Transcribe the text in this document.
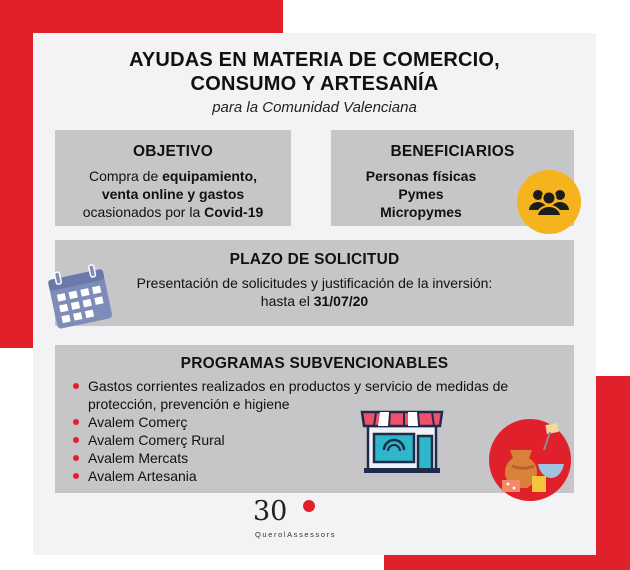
AYUDAS EN MATERIA DE COMERCIO,
CONSUMO Y ARTESANÍA
para la Comunidad Valenciana
OBJETIVO
Compra de equipamiento,
venta online y gastos
ocasionados por la Covid-19
BENEFICIARIOS
Personas físicas
Pymes
Micropymes
PLAZO DE SOLICITUD
Presentación de solicitudes y justificación de la inversión:
hasta el 31/07/20
PROGRAMAS SUBVENCIONABLES
Gastos corrientes realizados en productos y servicio de medidas de protección, prevención e higiene
Avalem Comerç
Avalem Comerç Rural
Avalem Mercats
Avalem Artesania
30
QuerolAssessors
